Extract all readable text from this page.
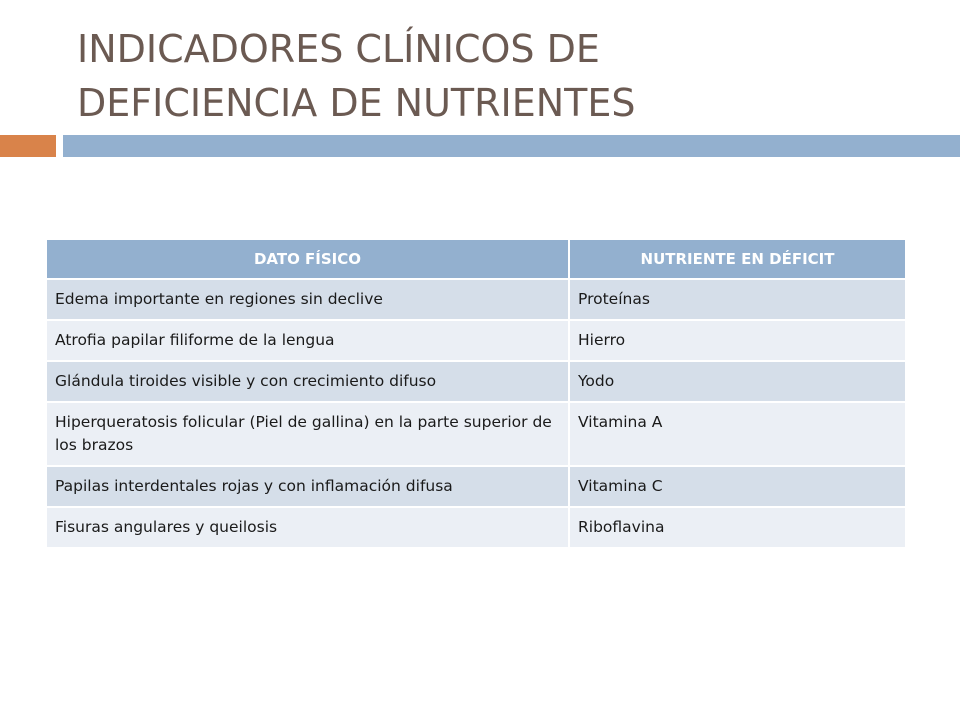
INDICADORES CLÍNICOS DE
DEFICIENCIA DE NUTRIENTES
DATO FÍSICO	NUTRIENTE EN DÉFICIT
Edema importante en regiones sin declive	Proteínas
Atrofia papilar filiforme de la lengua	Hierro
Glándula tiroides visible y con crecimiento difuso	Yodo
Hiperqueratosis folicular (Piel de gallina) en la parte superior de los brazos	Vitamina A
Papilas interdentales rojas y con inflamación difusa	Vitamina C
Fisuras angulares y queilosis	Riboflavina
